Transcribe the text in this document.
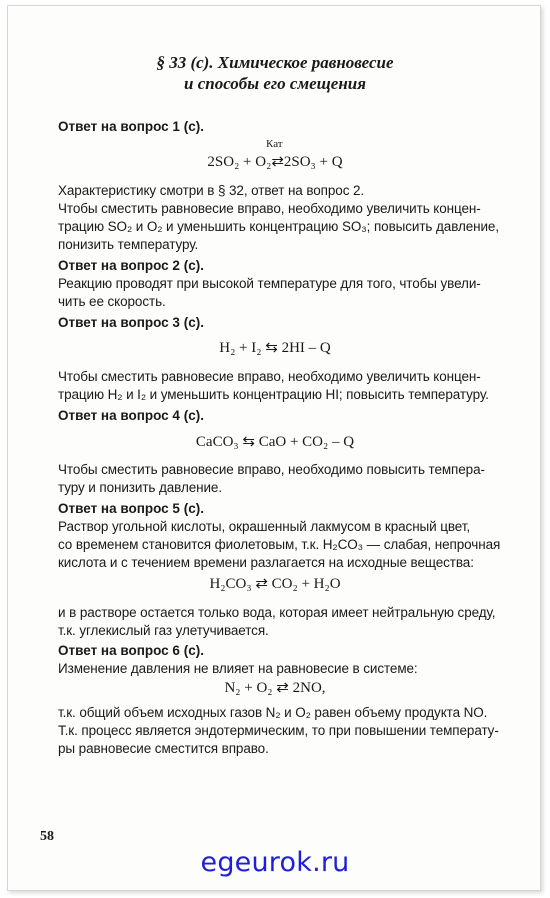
§ 33 (с). Химическое равновесие
и способы его смещения
Ответ на вопрос 1 (с).
Кат
2SO₂ + O₂⇄2SO₃ + Q
Характеристику смотри в § 32, ответ на вопрос 2.
Чтобы сместить равновесие вправо, необходимо увеличить концен-
трацию SO₂ и O₂ и уменьшить концентрацию SO₃; повысить давление,
понизить температуру.
Ответ на вопрос 2 (с).
Реакцию проводят при высокой температуре для того, чтобы увели-
чить ее скорость.
Ответ на вопрос 3 (с).
H₂ + I₂ ⇆ 2HI – Q
Чтобы сместить равновесие вправо, необходимо увеличить концен-
трацию H₂ и I₂ и уменьшить концентрацию HI; повысить температуру.
Ответ на вопрос 4 (с).
CaCO₃ ⇆ CaO + CO₂ – Q
Чтобы сместить равновесие вправо, необходимо повысить темпера-
туру и понизить давление.
Ответ на вопрос 5 (с).
Раствор угольной кислоты, окрашенный лакмусом в красный цвет,
со временем становится фиолетовым, т.к. H₂CO₃ — слабая, непрочная
кислота и с течением времени разлагается на исходные вещества:
H₂CO₃ ⇄ CO₂ + H₂O
и в растворе остается только вода, которая имеет нейтральную среду,
т.к. углекислый газ улетучивается.
Ответ на вопрос 6 (с).
Изменение давления не влияет на равновесие в системе:
N₂ + O₂ ⇄ 2NO,
т.к. общий объем исходных газов N₂ и O₂ равен объему продукта NO.
Т.к. процесс является эндотермическим, то при повышении температу-
ры равновесие сместится вправо.
58
egeurok.ru
